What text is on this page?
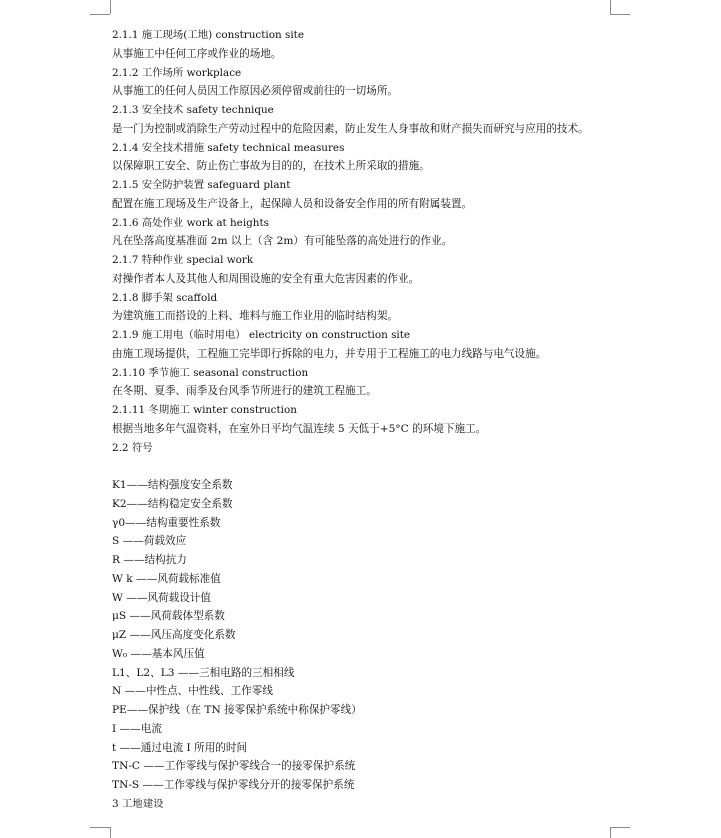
2.1.1 施工现场(工地) construction site
从事施工中任何工序或作业的场地。
2.1.2 工作场所 workplace
从事施工的任何人员因工作原因必须停留或前往的一切场所。
2.1.3 安全技术 safety technique
是一门为控制或消除生产劳动过程中的危险因素，防止发生人身事故和财产损失而研究与应用的技术。
2.1.4 安全技术措施 safety technical measures
以保障职工安全、防止伤亡事故为目的的，在技术上所采取的措施。
2.1.5 安全防护装置 safeguard plant
配置在施工现场及生产设备上，起保障人员和设备安全作用的所有附属装置。
2.1.6 高处作业 work at heights
凡在坠落高度基准面 2m 以上（含 2m）有可能坠落的高处进行的作业。
2.1.7 特种作业 special work
对操作者本人及其他人和周围设施的安全有重大危害因素的作业。
2.1.8 脚手架 scaffold
为建筑施工而搭设的上料、堆料与施工作业用的临时结构架。
2.1.9 施工用电（临时用电） electricity on construction site
由施工现场提供，工程施工完毕即行拆除的电力，并专用于工程施工的电力线路与电气设施。
2.1.10 季节施工 seasonal construction
在冬期、夏季、雨季及台风季节所进行的建筑工程施工。
2.1.11 冬期施工 winter construction
根据当地多年气温资料，在室外日平均气温连续 5 天低于+5°C 的环境下施工。
2.2 符号
K1——结构强度安全系数
K2——结构稳定安全系数
γ0——结构重要性系数
S ——荷载效应
R ——结构抗力
W k ——风荷载标准值
W ——风荷载设计值
μS ——风荷载体型系数
μZ ——风压高度变化系数
W₀ ——基本风压值
L1、L2、L3 ——三相电路的三相相线
N ——中性点、中性线、工作零线
PE——保护线（在 TN 接零保护系统中称保护零线）
I ——电流
t ——通过电流 I 所用的时间
TN-C ——工作零线与保护零线合一的接零保护系统
TN-S ——工作零线与保护零线分开的接零保护系统
3 工地建设
